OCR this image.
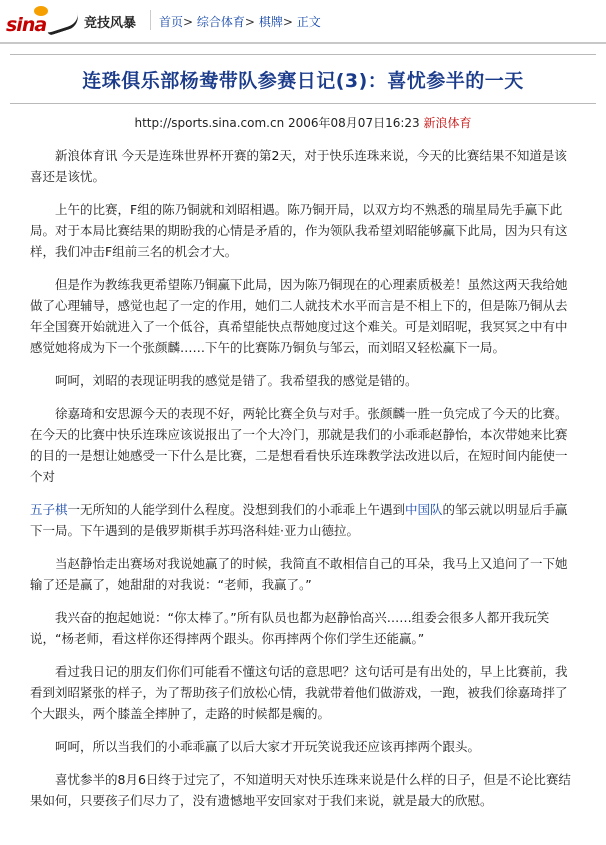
sina	竞技风暴 首页> 综合体育> 棋牌> 正文
连珠俱乐部杨鸯带队参赛日记(3)：喜忧参半的一天
http://sports.sina.com.cn 2006年08月07日16:23 新浪体育

新浪体育讯 今天是连珠世界杯开赛的第2天，对于快乐连珠来说，今天的比赛结果不知道是该喜还是该忧。

上午的比赛，F组的陈乃铜就和刘昭相遇。陈乃铜开局，以双方均不熟悉的瑞星局先手赢下此局。对于本局比赛结果的期盼我的心情是矛盾的，作为领队我希望刘昭能够赢下此局，因为只有这样，我们冲击F组前三名的机会才大。

但是作为教练我更希望陈乃铜赢下此局，因为陈乃铜现在的心理素质极差！虽然这两天我给她做了心理辅导，感觉也起了一定的作用，她们二人就技术水平而言是不相上下的，但是陈乃铜从去年全国赛开始就进入了一个低谷，真希望能快点帮她度过这个难关。可是刘昭呢，我冥冥之中有中感觉她将成为下一个张颜麟……下午的比赛陈乃铜负与邹云，而刘昭又轻松赢下一局。

呵呵，刘昭的表现证明我的感觉是错了。我希望我的感觉是错的。

徐嘉琦和安思源今天的表现不好，两轮比赛全负与对手。张颜麟一胜一负完成了今天的比赛。在今天的比赛中快乐连珠应该说报出了一个大冷门，那就是我们的小乖乖赵静怡，本次带她来比赛的目的一是想让她感受一下什么是比赛，二是想看看快乐连珠教学法改进以后，在短时间内能使一个对

五子棋一无所知的人能学到什么程度。没想到我们的小乖乖上午遇到中国队的邹云就以明显后手赢下一局。下午遇到的是俄罗斯棋手苏玛洛科娃·亚力山德拉。

当赵静怡走出赛场对我说她赢了的时候，我简直不敢相信自己的耳朵，我马上又追问了一下她输了还是赢了，她甜甜的对我说：“老师，我赢了。”

我兴奋的抱起她说：“你太棒了。”所有队员也都为赵静怡高兴……组委会很多人都开我玩笑说，“杨老师，看这样你还得摔两个跟头。你再摔两个你们学生还能赢。”

看过我日记的朋友们你们可能看不懂这句话的意思吧？这句话可是有出处的，早上比赛前，我看到刘昭紧张的样子，为了帮助孩子们放松心情，我就带着他们做游戏，一跑，被我们徐嘉琦拌了个大跟头，两个膝盖全摔肿了，走路的时候都是瘸的。

呵呵，所以当我们的小乖乖赢了以后大家才开玩笑说我还应该再摔两个跟头。

喜忧参半的8月6日终于过完了，不知道明天对快乐连珠来说是什么样的日子，但是不论比赛结果如何，只要孩子们尽力了，没有遗憾地平安回家对于我们来说，就是最大的欣慰。
